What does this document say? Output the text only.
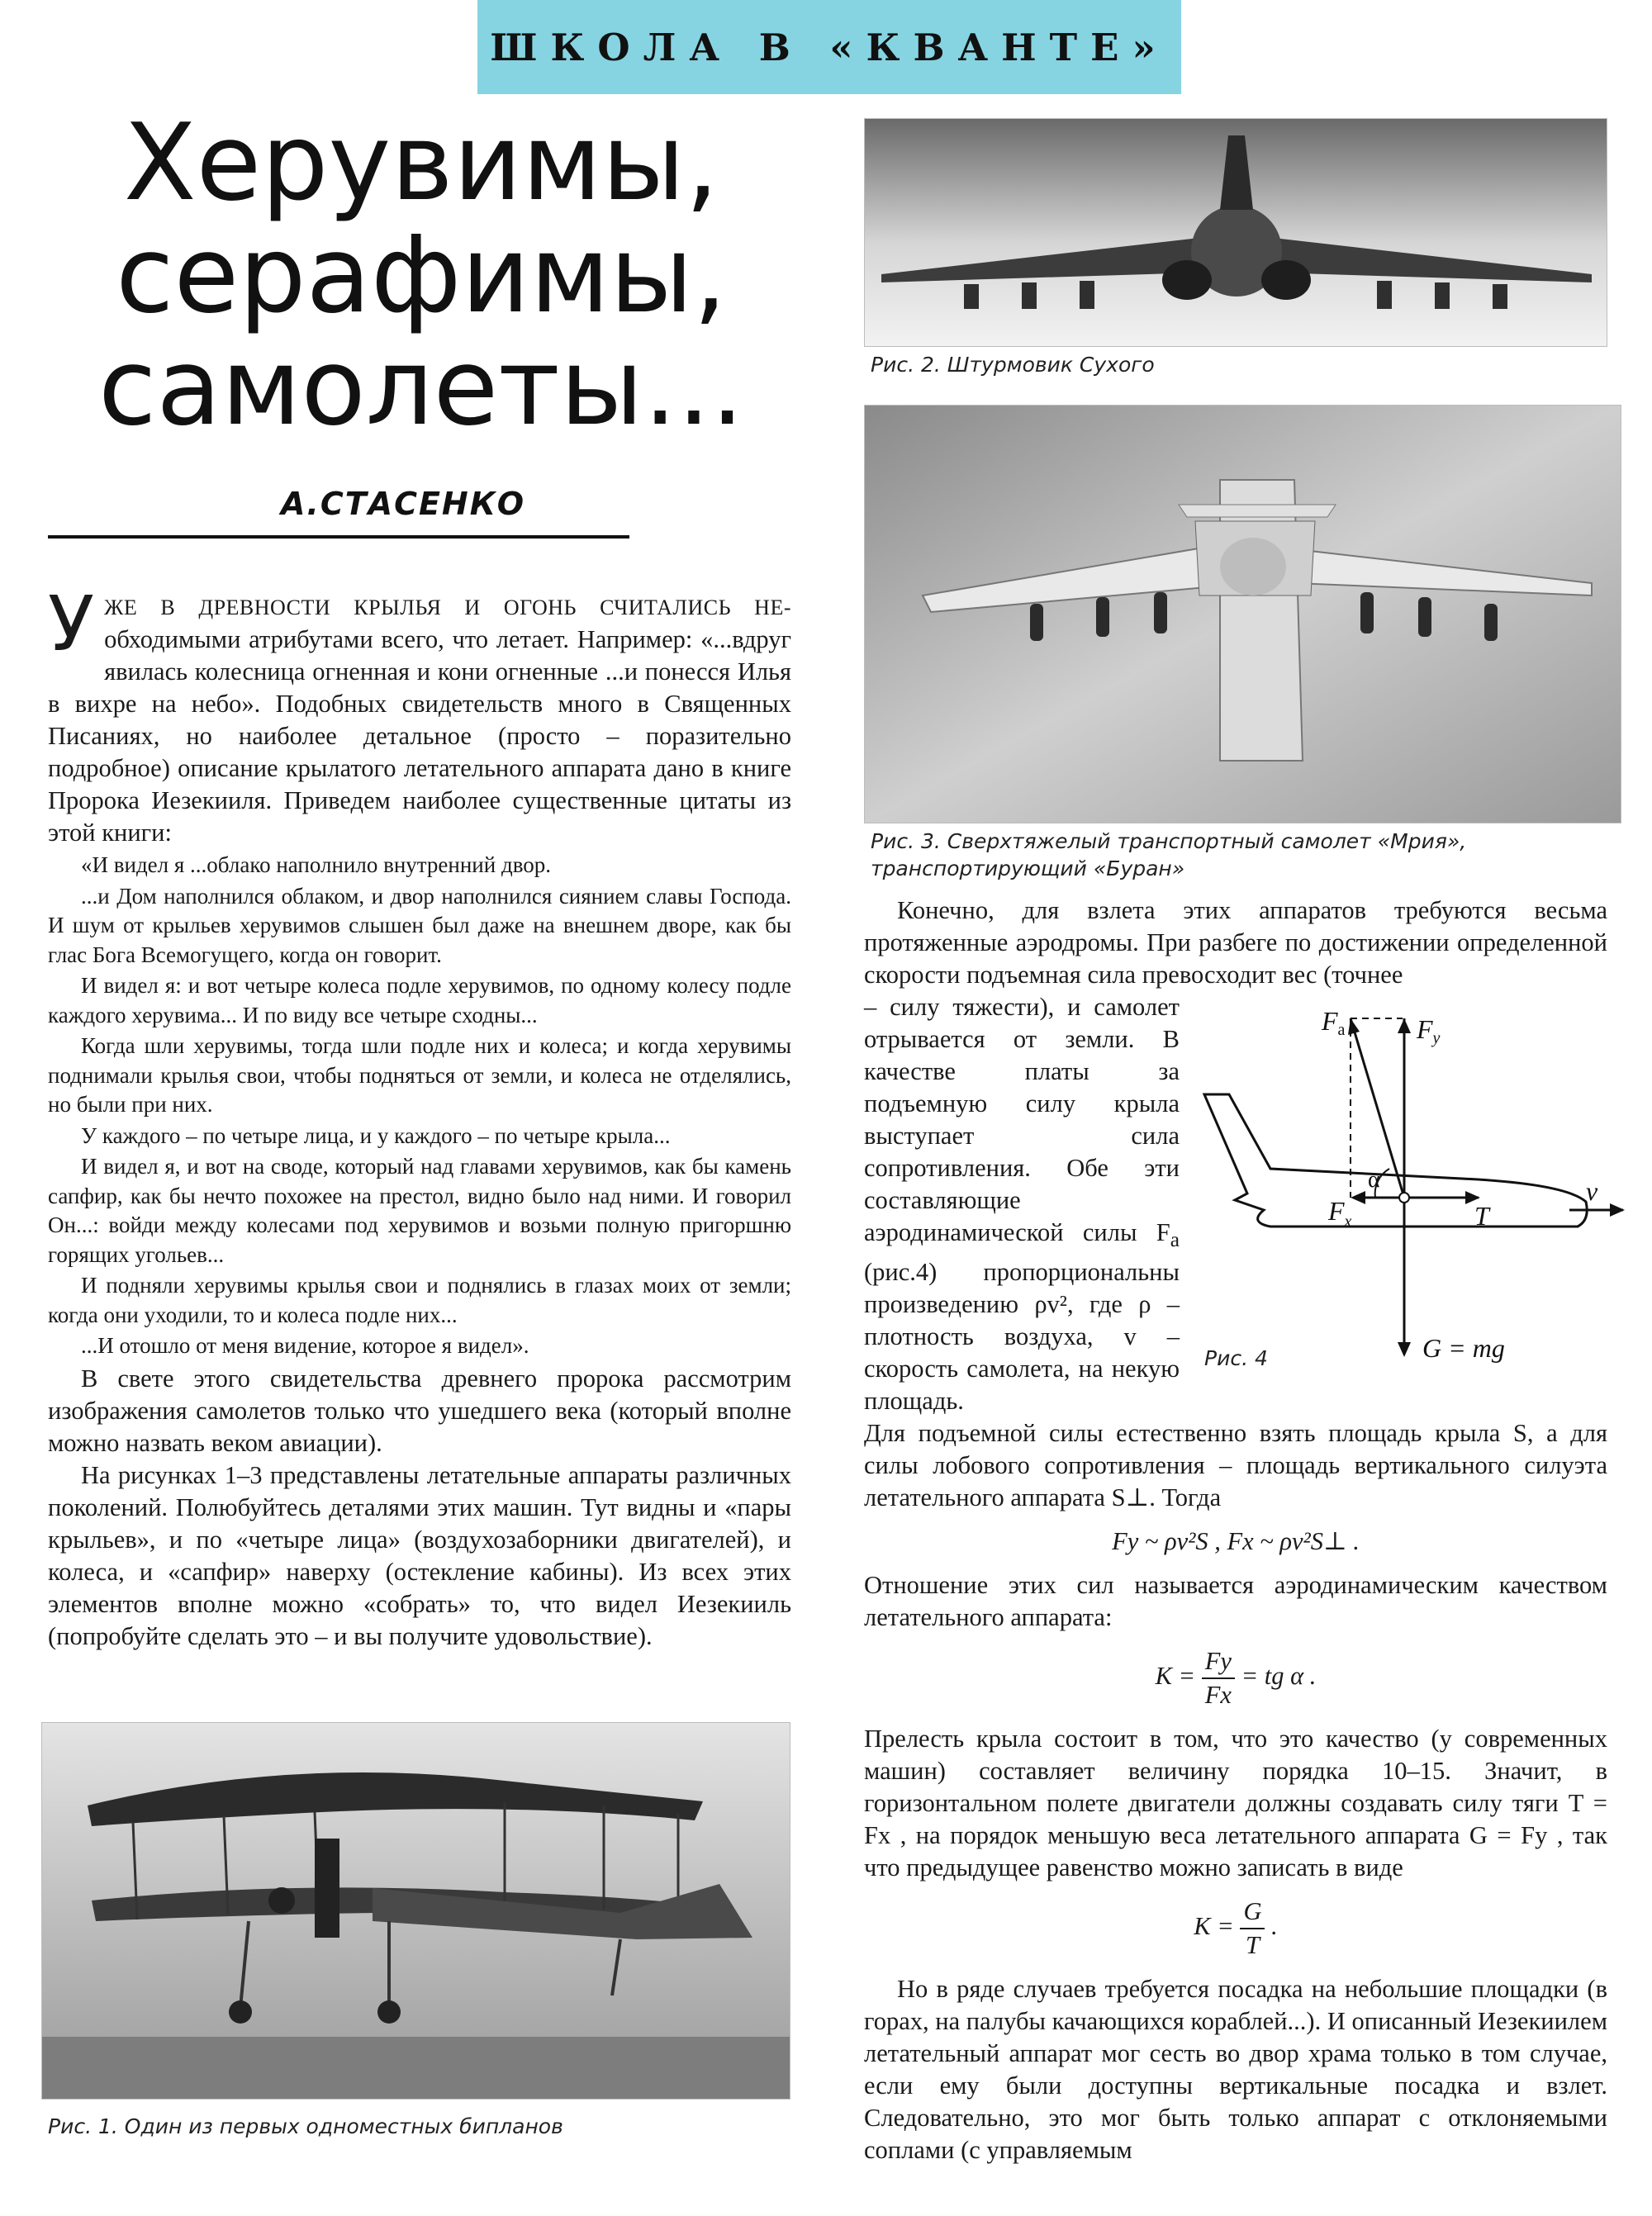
ШКОЛА В «КВАНТЕ»
Херувимы,
серафимы,
самолеты...
А.СТАСЕНКО

У ЖЕ В ДРЕВНОСТИ КРЫЛЬЯ И ОГОНЬ СЧИТАЛИСЬ НЕ- обходимыми атрибутами всего, что летает. Например: «...вдруг явилась колесница огненная и кони огненные ...и понесся Илья в вихре на небо». Подобных свидетельств много в Священных Писаниях, но наиболее детальное (просто – поразительно подробное) описание крылатого летательного аппарата дано в книге Пророка Иезекииля. Приведем наиболее существенные цитаты из этой книги:

«И видел я ...облако наполнило внутренний двор.

...и Дом наполнился облаком, и двор наполнился сиянием славы Господа. И шум от крыльев херувимов слышен был даже на внешнем дворе, как бы глас Бога Всемогущего, когда он говорит.

И видел я: и вот четыре колеса подле херувимов, по одному колесу подле каждого херувима... И по виду все четыре сходны...

Когда шли херувимы, тогда шли подле них и колеса; и когда херувимы поднимали крылья свои, чтобы подняться от земли, и колеса не отделялись, но были при них.

У каждого – по четыре лица, и у каждого – по четыре крыла...

И видел я, и вот на своде, который над главами херувимов, как бы камень сапфир, как бы нечто похожее на престол, видно было над ними. И говорил Он...: войди между колесами под херувимов и возьми полную пригоршню горящих угольев...

И подняли херувимы крылья свои и поднялись в глазах моих от земли; когда они уходили, то и колеса подле них...

...И отошло от меня видение, которое я видел».

В свете этого свидетельства древнего пророка рассмотрим изображения самолетов только что ушедшего века (который вполне можно назвать веком авиации).

На рисунках 1–3 представлены летательные аппараты различных поколений. Полюбуйтесь деталями этих машин. Тут видны и «пары крыльев», и по «четыре лица» (воздухозаборники двигателей), и колеса, и «сапфир» наверху (остекление кабины). Из всех этих элементов вполне можно «собрать» то, что видел Иезекииль (попробуйте сделать это – и вы получите удовольствие).

Рис. 1. Один из первых одноместных бипланов
Рис. 2. Штурмовик Сухого
Рис. 3. Сверхтяжелый транспортный самолет «Мрия», транспортирующий «Буран»

Конечно, для взлета этих аппаратов требуются весьма протяженные аэродромы. При разбеге по достижении определенной скорости подъемная сила превосходит вес (точнее

– силу тяжести), и самолет отрывается от земли. В качестве платы за подъемную силу крыла выступает сила сопротивления. Обе эти составляющие аэродинамической силы $F_a$ (рис.4) пропорциональны произведению ρv², где ρ – плотность воздуха, v – скорость самолета, на некую площадь.

Для подъемной силы естественно взять площадь крыла S, а для силы лобового сопротивления – площадь вертикального силуэта летательного аппарата S⊥. Тогда

Fy ~ ρv²S , Fx ~ ρv²S⊥ .

Отношение этих сил называется аэродинамическим качеством летательного аппарата:

$K = \frac{Fy}{Fx}$ = tg α .

Прелесть крыла состоит в том, что это качество (у современных машин) составляет величину порядка 10–15. Значит, в горизонтальном полете двигатели должны создавать силу тяги T = Fx , на порядок меньшую веса летательного аппарата G = Fy , так что предыдущее равенство можно записать в виде

$K = \frac{G}{T}$ .

Но в ряде случаев требуется посадка на небольшие площадки (в горах, на палубы качающихся кораблей...). И описанный Иезекиилем летательный аппарат мог сесть во двор храма только в том случае, если ему были доступны вертикальные посадка и взлет. Следовательно, это мог быть только аппарат с отклоняемыми соплами (с управляемым

Fa	Fy
$F_x$
α
T
v
G = mg
Рис. 4
